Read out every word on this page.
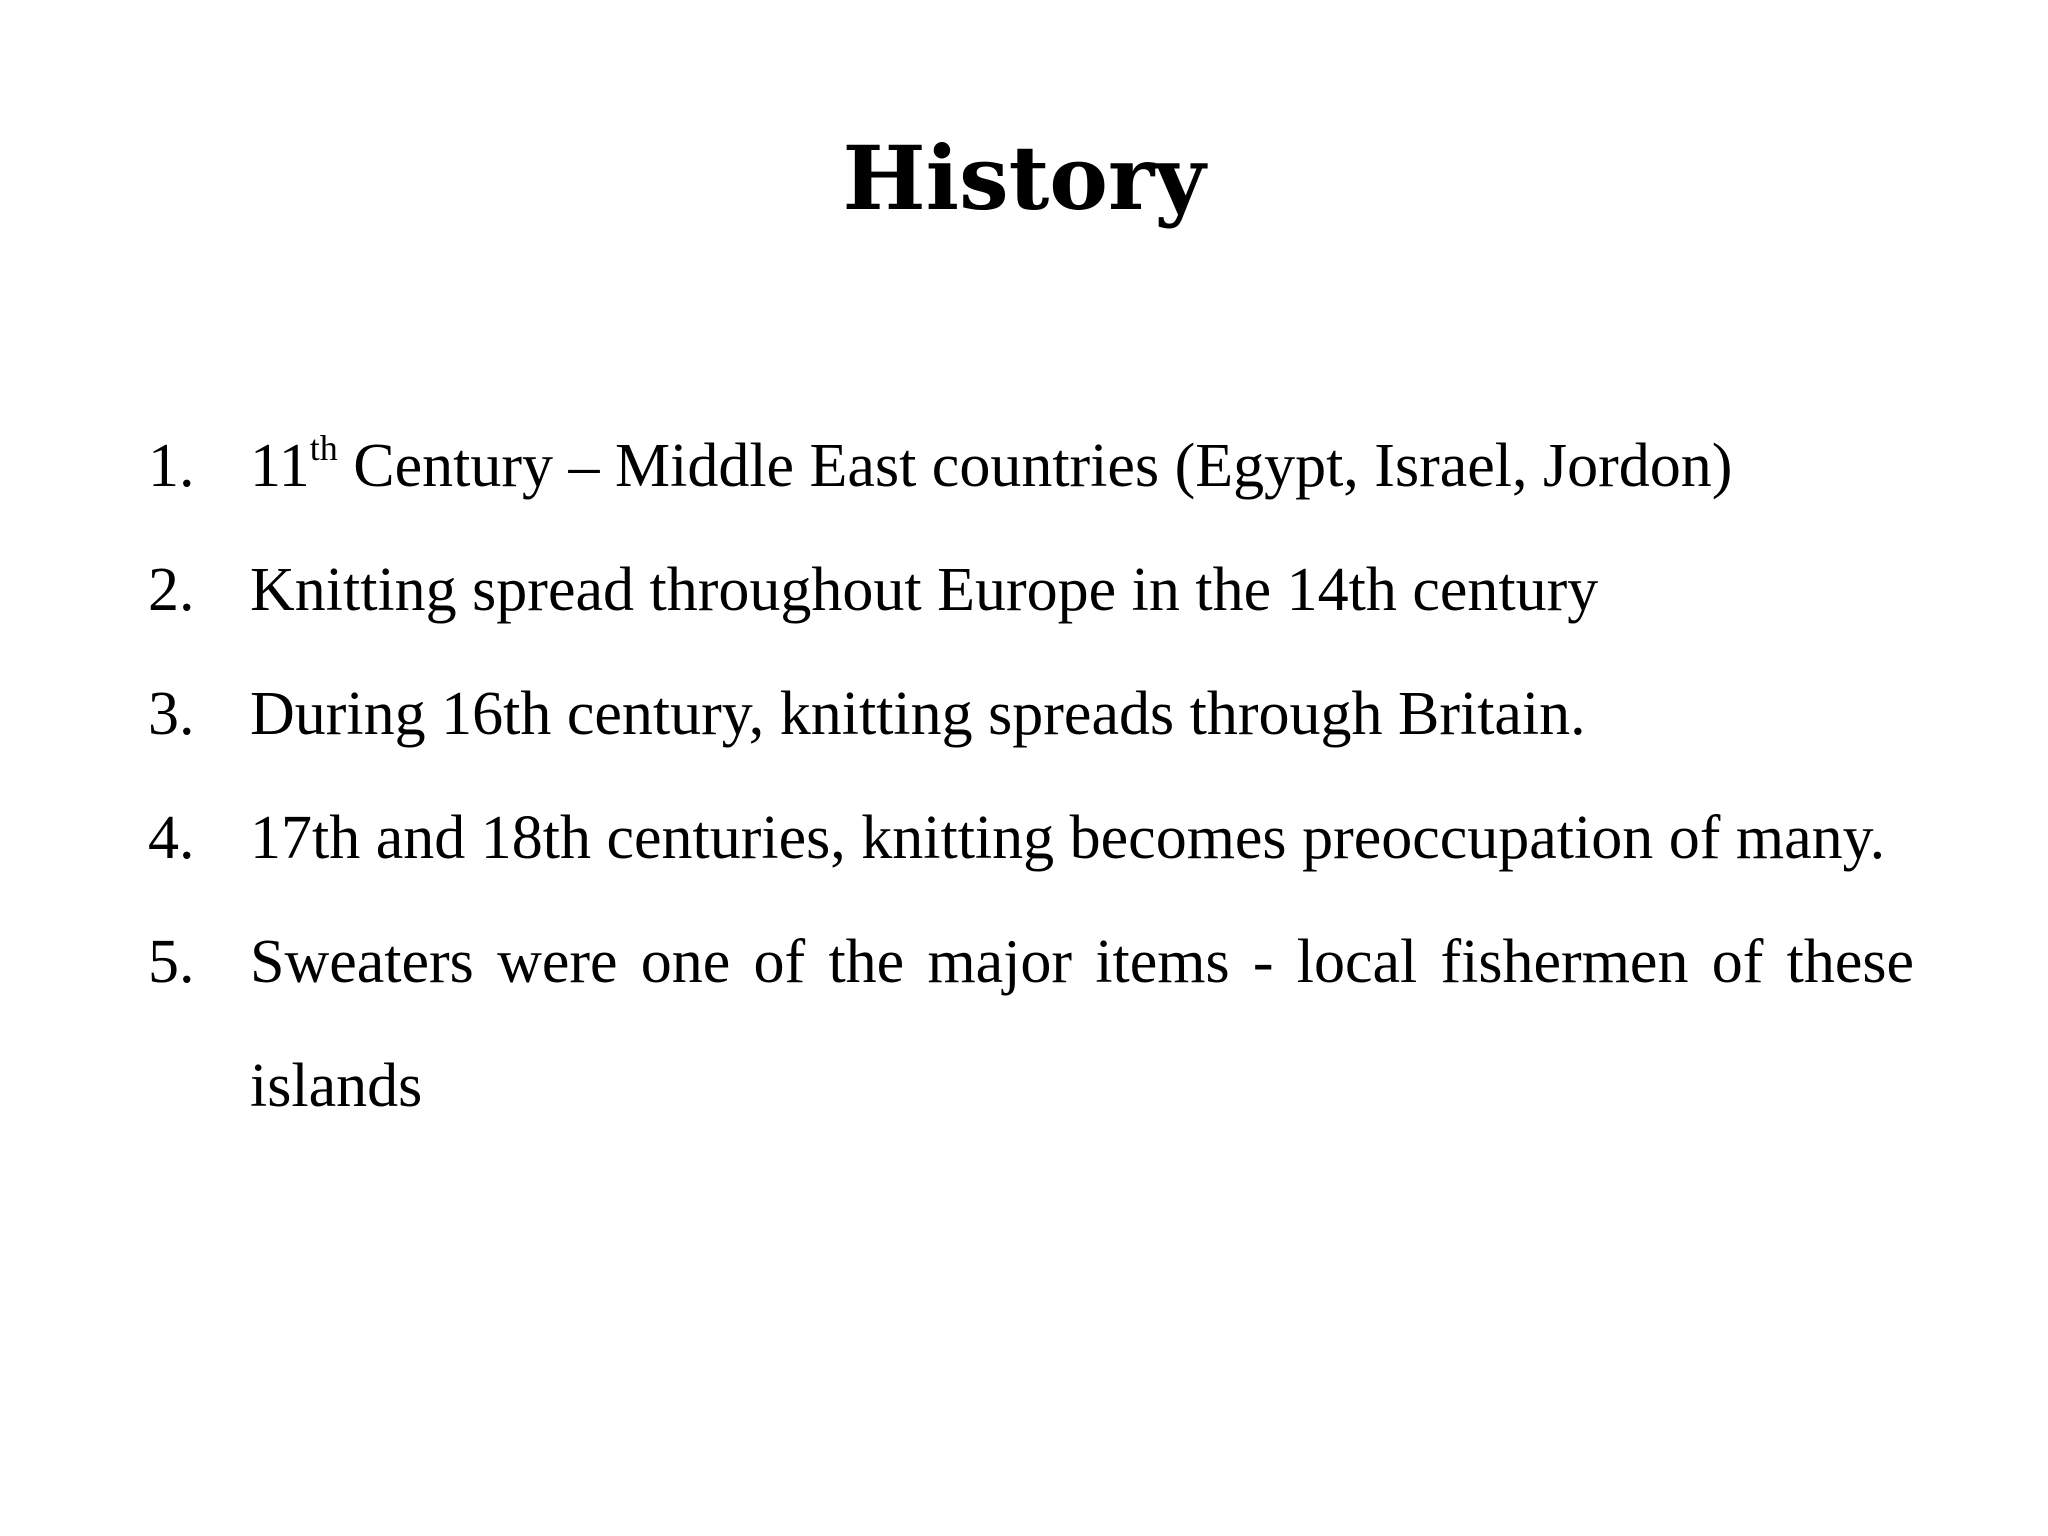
History
1. 11th Century – Middle East countries (Egypt, Israel, Jordon)
2. Knitting spread throughout Europe in the 14th century
3. During 16th century, knitting spreads through Britain.
4. 17th and 18th centuries, knitting becomes preoccupation of many.
5. Sweaters were one of the major items - local fishermen of these islands
